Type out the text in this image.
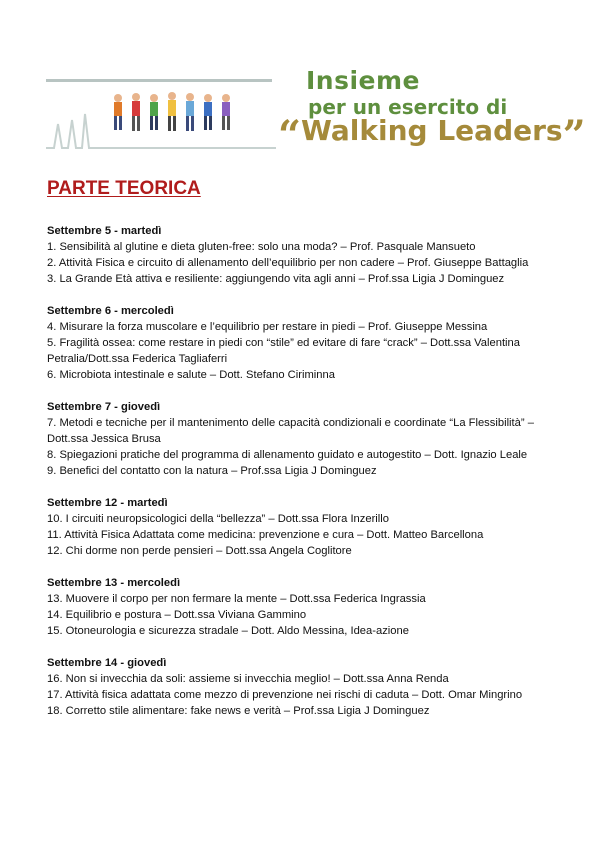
Insieme
per un esercito di
“Walking Leaders”
PARTE TEORICA
Settembre 5 - martedì
1. Sensibilità al glutine e dieta gluten-free: solo una moda? – Prof. Pasquale Mansueto
2. Attività Fisica e circuito di allenamento dell’equilibrio per non cadere – Prof. Giuseppe Battaglia
3. La Grande Età attiva e resiliente: aggiungendo vita agli anni – Prof.ssa Ligia J Dominguez
Settembre 6 - mercoledì
4. Misurare la forza muscolare e l’equilibrio per restare in piedi – Prof. Giuseppe Messina
5. Fragilità ossea: come restare in piedi con “stile” ed evitare di fare “crack” – Dott.ssa Valentina Petralia/Dott.ssa Federica Tagliaferri
6. Microbiota intestinale e salute – Dott. Stefano Ciriminna
Settembre 7 - giovedì
7. Metodi e tecniche per il mantenimento delle capacità condizionali e coordinate “La Flessibilità” – Dott.ssa Jessica Brusa
8. Spiegazioni pratiche del programma di allenamento guidato e autogestito – Dott. Ignazio Leale
9. Benefici del contatto con la natura – Prof.ssa Ligia J Dominguez
Settembre 12 - martedì
10. I circuiti neuropsicologici della “bellezza” – Dott.ssa Flora Inzerillo
11. Attività Fisica Adattata come medicina: prevenzione e cura – Dott. Matteo Barcellona
12. Chi dorme non perde pensieri – Dott.ssa Angela Coglitore
Settembre 13 - mercoledì
13. Muovere il corpo per non fermare la mente – Dott.ssa Federica Ingrassia
14. Equilibrio e postura – Dott.ssa Viviana Gammino
15. Otoneurologia e sicurezza stradale – Dott. Aldo Messina, Idea-azione
Settembre 14 - giovedì
16. Non si invecchia da soli: assieme si invecchia meglio! – Dott.ssa Anna Renda
17. Attività fisica adattata come mezzo di prevenzione nei rischi di caduta – Dott. Omar Mingrino
18. Corretto stile alimentare: fake news e verità – Prof.ssa Ligia J Dominguez
